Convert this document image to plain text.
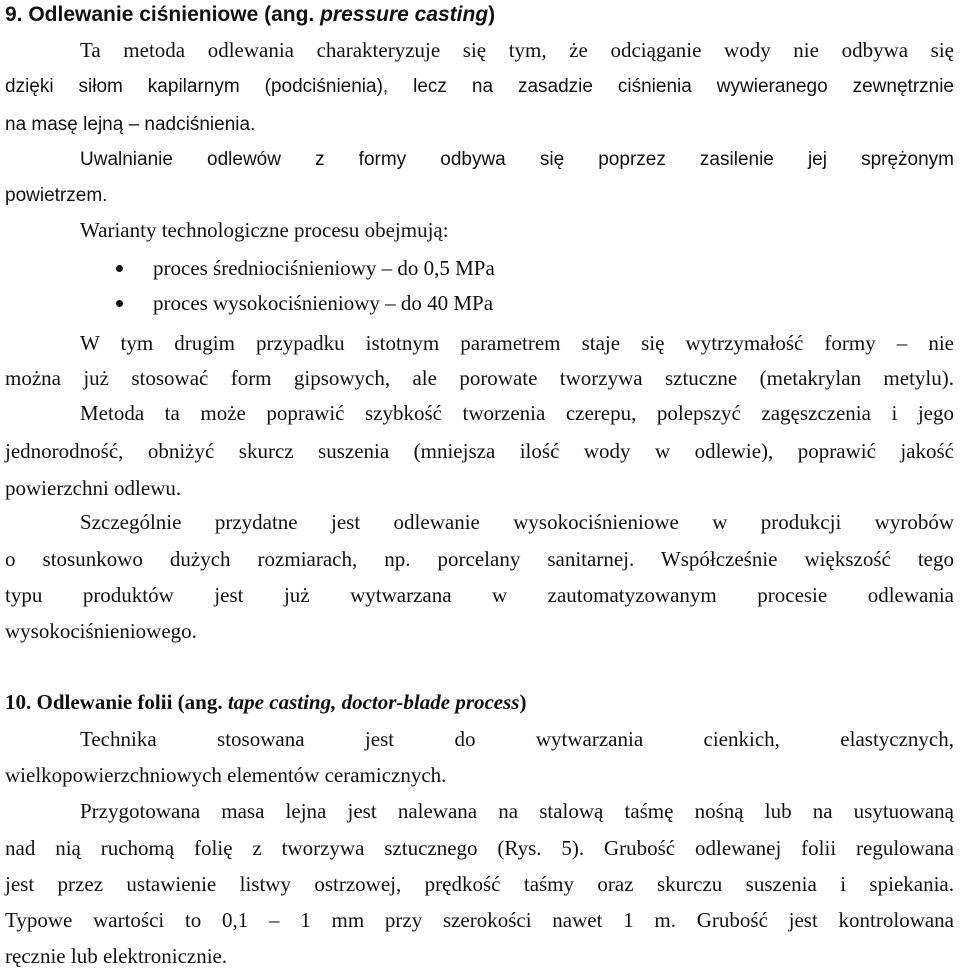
9. Odlewanie ciśnieniowe (ang. pressure casting)
Ta metoda odlewania charakteryzuje się tym, że odciąganie wody nie odbywa się
dzięki siłom kapilarnym (podciśnienia), lecz na zasadzie ciśnienia wywieranego zewnętrznie
na masę lejną – nadciśnienia.
Uwalnianie odlewów z formy odbywa się poprzez zasilenie jej sprężonym
powietrzem.
Warianty technologiczne procesu obejmują:
proces średniociśnieniowy – do 0,5 MPa
proces wysokociśnieniowy – do 40 MPa
W tym drugim przypadku istotnym parametrem staje się wytrzymałość formy – nie
można już stosować form gipsowych, ale porowate tworzywa sztuczne (metakrylan metylu).
Metoda ta może poprawić szybkość tworzenia czerepu, polepszyć zagęszczenia i jego
jednorodność, obniżyć skurcz suszenia (mniejsza ilość wody w odlewie), poprawić jakość
powierzchni odlewu.
Szczególnie przydatne jest odlewanie wysokociśnieniowe w produkcji wyrobów
o stosunkowo dużych rozmiarach, np. porcelany sanitarnej. Współcześnie większość tego
typu produktów jest już wytwarzana w zautomatyzowanym procesie odlewania
wysokociśnieniowego.
10. Odlewanie folii (ang. tape casting, doctor-blade process)
Technika stosowana jest do wytwarzania cienkich, elastycznych,
wielkopowierzchniowych elementów ceramicznych.
Przygotowana masa lejna jest nalewana na stalową taśmę nośną lub na usytuowaną
nad nią ruchomą folię z tworzywa sztucznego (Rys. 5). Grubość odlewanej folii regulowana
jest przez ustawienie listwy ostrzowej, prędkość taśmy oraz skurczu suszenia i spiekania.
Typowe wartości to 0,1 – 1 mm przy szerokości nawet 1 m. Grubość jest kontrolowana
ręcznie lub elektronicznie.
